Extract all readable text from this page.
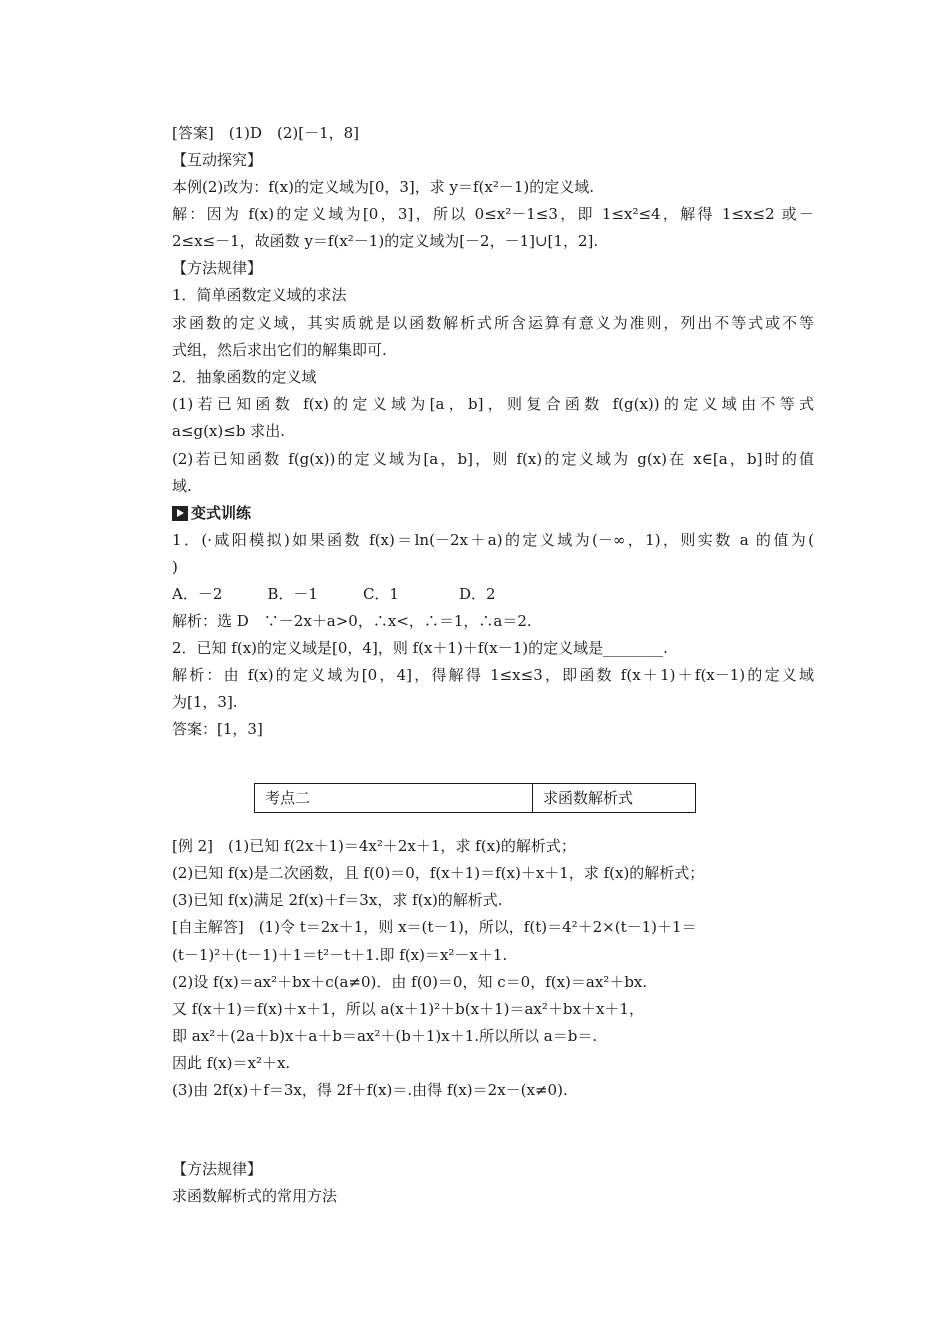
[答案]　(1)D　(2)[－1，8]
【互动探究】
本例(2)改为：f(x)的定义域为[0，3]，求 y＝f(x²－1)的定义域.
解：因为 f(x)的定义域为[0，3]，所以 0≤x²－1≤3，即 1≤x²≤4，解得 1≤x≤2 或－
2≤x≤－1，故函数 y＝f(x²－1)的定义域为[－2，－1]∪[1，2].
【方法规律】
1．简单函数定义域的求法
求函数的定义域，其实质就是以函数解析式所含运算有意义为准则，列出不等式或不等
式组，然后求出它们的解集即可.
2．抽象函数的定义域
(1)若已知函数 f(x)的定义域为[a，b]，则复合函数 f(g(x))的定义域由不等式
a≤g(x)≤b 求出.
(2)若已知函数 f(g(x))的定义域为[a，b]，则 f(x)的定义域为 g(x)在 x∈[a，b]时的值
域.
变式训练
1．(·咸阳模拟)如果函数 f(x)＝ln(－2x＋a)的定义域为(－∞，1)，则实数 a 的值为(
)
A．－2　　　B．－1　　　C．1　　　　D．2
解析：选 D　∵－2x＋a>0，∴x<，∴＝1，∴a＝2.
2．已知 f(x)的定义域是[0，4]，则 f(x＋1)＋f(x－1)的定义域是________.
解析：由 f(x)的定义域为[0，4]，得解得 1≤x≤3，即函数 f(x＋1)＋f(x－1)的定义域
为[1，3].
答案：[1，3]
考点二	求函数解析式
[例 2]　(1)已知 f(2x＋1)＝4x²＋2x＋1，求 f(x)的解析式；
(2)已知 f(x)是二次函数，且 f(0)＝0，f(x＋1)＝f(x)＋x＋1，求 f(x)的解析式；
(3)已知 f(x)满足 2f(x)＋f＝3x，求 f(x)的解析式.
[自主解答]　(1)令 t＝2x＋1，则 x＝(t－1)，所以，f(t)＝4²＋2×(t－1)＋1＝
(t－1)²＋(t－1)＋1＝t²－t＋1.即 f(x)＝x²－x＋1.
(2)设 f(x)＝ax²＋bx＋c(a≠0)．由 f(0)＝0，知 c＝0，f(x)＝ax²＋bx.
又 f(x＋1)＝f(x)＋x＋1，所以 a(x＋1)²＋b(x＋1)＝ax²＋bx＋x＋1，
即 ax²＋(2a＋b)x＋a＋b＝ax²＋(b＋1)x＋1.所以所以 a＝b＝.
因此 f(x)＝x²＋x.
(3)由 2f(x)＋f＝3x，得 2f＋f(x)＝.由得 f(x)＝2x－(x≠0).
【方法规律】
求函数解析式的常用方法
